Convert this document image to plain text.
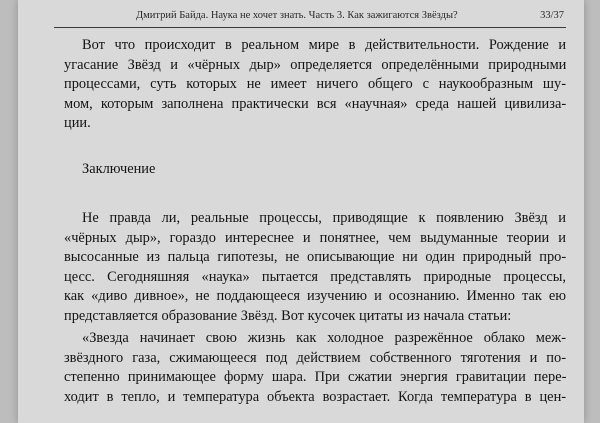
Дмитрий Байда. Наука не хочет знать. Часть 3. Как зажигаются Звёзды?	33/37
Вот что происходит в реальном мире в действительности. Рождение и
угасание Звёзд и «чёрных дыр» определяется определёнными природными
процессами, суть которых не имеет ничего общего с наукообразным шу-
мом, которым заполнена практически вся «научная» среда нашей цивилиза-
ции.
Заключение
Не правда ли, реальные процессы, приводящие к появлению Звёзд и
«чёрных дыр», гораздо интереснее и понятнее, чем выдуманные теории и
высосанные из пальца гипотезы, не описывающие ни один природный про-
цесс. Сегодняшняя «наука» пытается представлять природные процессы,
как «диво дивное», не поддающееся изучению и осознанию. Именно так ею
представляется образование Звёзд. Вот кусочек цитаты из начала статьи:
«Звезда начинает свою жизнь как холодное разрежённое облако меж-
звёздного газа, сжимающееся под действием собственного тяготения и по-
степенно принимающее форму шара. При сжатии энергия гравитации пере-
ходит в тепло, и температура объекта возрастает. Когда температура в цен-
